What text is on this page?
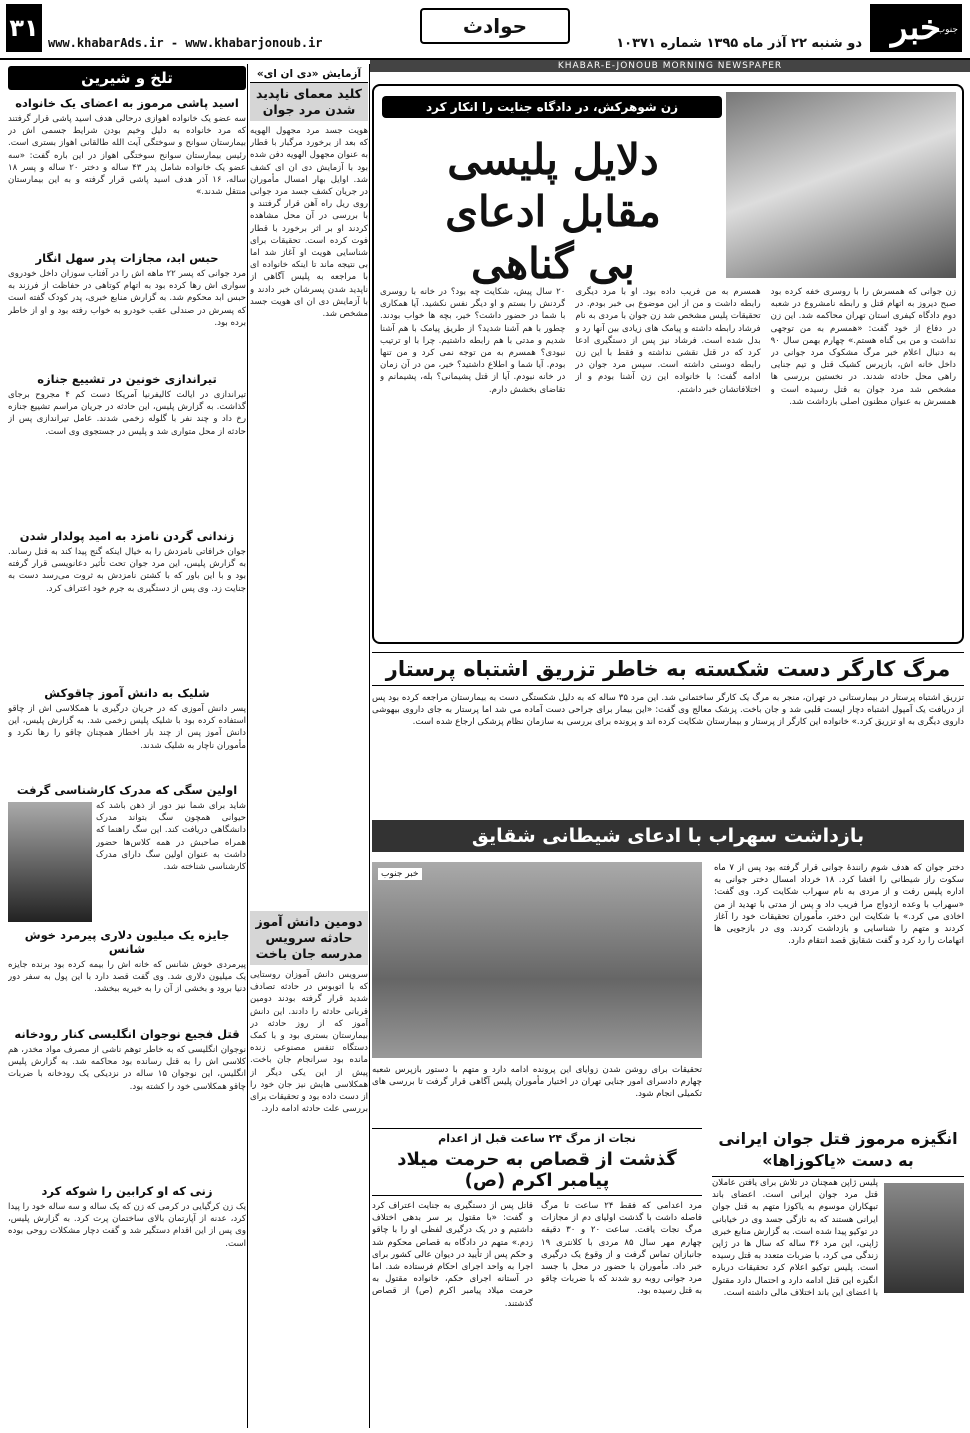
جنوب
خبر
دو شنبه ۲۲ آذر ماه ۱۳۹۵ شماره ۱۰۳۷۱
حوادث
www.khabarAds.ir - www.khabarjonoub.ir
۳۱
KHABAR-E-JONOUB MORNING NEWSPAPER
تلخ و شیرین
اسید پاشی مرموز به اعضای یک خانواده

سه عضو یک خانواده اهوازی درحالی هدف اسید پاشی قرار گرفتند که مرد خانواده به دلیل وخیم بودن شرایط جسمی اش در بیمارستان سوانح و سوختگی آیت الله طالقانی اهواز بستری است. رئیس بیمارستان سوانح سوختگی اهواز در این باره گفت: «سه عضو یک خانواده شامل پدر ۴۳ ساله و دختر ۲۰ ساله و پسر ۱۸ ساله، ۱۶ آذر هدف اسید پاشی قرار گرفته و به این بیمارستان منتقل شدند.»

حبس ابد، مجازات پدر سهل انگار

مرد جوانی که پسر ۲۲ ماهه اش را در آفتاب سوزان داخل خودروی سواری اش رها کرده بود به اتهام کوتاهی در حفاظت از فرزند به حبس ابد محکوم شد. به گزارش منابع خبری، پدر کودک گفته است که پسرش در صندلی عقب خودرو به خواب رفته بود و او از خاطر برده بود.

تیراندازی خونین در تشییع جنازه

تیراندازی در ایالت کالیفرنیا آمریکا دست کم ۴ مجروح برجای گذاشت. به گزارش پلیس، این حادثه در جریان مراسم تشییع جنازه رخ داد و چند نفر با گلوله زخمی شدند. عامل تیراندازی پس از حادثه از محل متواری شد و پلیس در جستجوی وی است.

زندانی گردن نامزد به امید پولدار شدن

جوان خرافاتی نامزدش را به خیال اینکه گنج پیدا کند به قتل رساند. به گزارش پلیس، این مرد جوان تحت تأثیر دعانویسی قرار گرفته بود و با این باور که با کشتن نامزدش به ثروت می‌رسد دست به جنایت زد. وی پس از دستگیری به جرم خود اعتراف کرد.

شلیک به دانش آموز چاقوکش

پسر دانش آموزی که در جریان درگیری با همکلاسی اش از چاقو استفاده کرده بود با شلیک پلیس زخمی شد. به گزارش پلیس، این دانش آموز پس از چند بار اخطار همچنان چاقو را رها نکرد و مأموران ناچار به شلیک شدند.

اولین سگی که مدرک کارشناسی گرفت

شاید برای شما نیز دور از ذهن باشد که حیوانی همچون سگ بتواند مدرک دانشگاهی دریافت کند. این سگ راهنما که همراه صاحبش در همه کلاس‌ها حضور داشت به عنوان اولین سگ دارای مدرک کارشناسی شناخته شد.

جایزه یک میلیون دلاری پیرمرد خوش شانس

پیرمردی خوش شانس که خانه اش را بیمه کرده بود برنده جایزه یک میلیون دلاری شد. وی گفت قصد دارد با این پول به سفر دور دنیا برود و بخشی از آن را به خیریه ببخشد.

قتل فجیع نوجوان انگلیسی کنار رودخانه

نوجوان انگلیسی که به خاطر توهم ناشی از مصرف مواد مخدر، هم کلاسی اش را به قتل رسانده بود محاکمه شد. به گزارش پلیس انگلیس، این نوجوان ۱۵ ساله در نزدیکی یک رودخانه با ضربات چاقو همکلاسی خود را کشته بود.

زنی که او کرابین را شوکه کرد

یک زن کرگیایی در کرمی که زن که یک ساله و سه ساله خود را پیدا کرد، عدنه از آپارتمان بالای ساختمان پرت کرد. به گزارش پلیس، وی پس از این اقدام دستگیر شد و گفت دچار مشکلات روحی بوده است.

آزمایش «دی ان ای»
کلید معمای ناپدید شدن مرد جوان

هویت جسد مرد مجهول الهویه که بعد از برخورد مرگبار با قطار به عنوان مجهول الهویه دفن شده بود با آزمایش دی ان ای کشف شد. اوایل بهار امسال مأموران در جریان کشف جسد مرد جوانی روی ریل راه آهن قرار گرفتند و با بررسی در آن محل مشاهده کردند او بر اثر برخورد با قطار فوت کرده است. تحقیقات برای شناسایی هویت او آغاز شد اما بی نتیجه ماند تا اینکه خانواده ای با مراجعه به پلیس آگاهی از ناپدید شدن پسرشان خبر دادند و با آزمایش دی ان ای هویت جسد مشخص شد.

دومین دانش آموز حادثه سرویس مدرسه جان باخت

سرویس دانش آموزان روستایی که با اتوبوس در حادثه تصادف شدید قرار گرفته بودند دومین قربانی حادثه را دادند. این دانش آموز که از روز حادثه در بیمارستان بستری بود و با کمک دستگاه تنفس مصنوعی زنده مانده بود سرانجام جان باخت. پیش از این یکی دیگر از همکلاسی هایش نیز جان خود را از دست داده بود و تحقیقات برای بررسی علت حادثه ادامه دارد.

زن شوهرکش، در دادگاه جنایت را انکار کرد
دلایل پلیسی
مقابل ادعای
بی گناهی

زن جوانی که همسرش را با روسری خفه کرده بود صبح دیروز به اتهام قتل و رابطه نامشروع در شعبه دوم دادگاه کیفری استان تهران محاکمه شد. این زن در دفاع از خود گفت: «همسرم به من توجهی نداشت و من بی گناه هستم.» چهارم بهمن سال ۹۰ به دنبال اعلام خبر مرگ مشکوک مرد جوانی در داخل خانه اش، بازپرس کشیک قتل و تیم جنایی راهی محل حادثه شدند. در نخستین بررسی ها مشخص شد مرد جوان به قتل رسیده است و همسرش به عنوان مظنون اصلی بازداشت شد.

همسرم به من فریب داده بود. او با مرد دیگری رابطه داشت و من از این موضوع بی خبر بودم. در تحقیقات پلیس مشخص شد زن جوان با مردی به نام فرشاد رابطه داشته و پیامک های زیادی بین آنها رد و بدل شده است. فرشاد نیز پس از دستگیری ادعا کرد که در قتل نقشی نداشته و فقط با این زن رابطه دوستی داشته است. سپس مرد جوان در ادامه گفت: با خانواده این زن آشنا بودم و از اختلافاتشان خبر داشتم.

۲۰ سال پیش، شکایت چه بود؟ در خانه با روسری گردنش را بستم و او دیگر نفس نکشید. آیا همکاری با شما در حضور داشت؟ خیر، بچه ها خواب بودند. چطور با هم آشنا شدید؟ از طریق پیامک با هم آشنا شدیم و مدتی با هم رابطه داشتیم. چرا با او ترتیب نبودی؟ همسرم به من توجه نمی کرد و من تنها بودم. آیا شما و اطلاع داشتید؟ خیر، من در آن زمان در خانه نبودم. آیا از قتل پشیمانی؟ بله، پشیمانم و تقاضای بخشش دارم.

مرگ کارگر دست شکسته به خاطر تزریق اشتباه پرستار

تزریق اشتباه پرستار در بیمارستانی در تهران، منجر به مرگ یک کارگر ساختمانی شد. این مرد ۳۵ ساله که به دلیل شکستگی دست به بیمارستان مراجعه کرده بود پس از دریافت یک آمپول اشتباه دچار ایست قلبی شد و جان باخت. پزشک معالج وی گفت: «این بیمار برای جراحی دست آماده می شد اما پرستار به جای داروی بیهوشی داروی دیگری به او تزریق کرد.» خانواده این کارگر از پرستار و بیمارستان شکایت کرده اند و پرونده برای بررسی به سازمان نظام پزشکی ارجاع شده است.

بازداشت سهراب با ادعای شیطانی شقایق
خبر جنوب

دختر جوان که هدف شوم رانندهٔ جوانی قرار گرفته بود پس از ۷ ماه سکوت راز شیطانی را افشا کرد. ۱۸ خرداد امسال دختر جوانی به اداره پلیس رفت و از مردی به نام سهراب شکایت کرد. وی گفت: «سهراب با وعده ازدواج مرا فریب داد و پس از مدتی با تهدید از من اخاذی می کرد.» با شکایت این دختر، مأموران تحقیقات خود را آغاز کردند و متهم را شناسایی و بازداشت کردند. وی در بازجویی ها اتهامات را رد کرد و گفت شقایق قصد انتقام دارد.

تحقیقات برای روشن شدن زوایای این پرونده ادامه دارد و متهم با دستور بازپرس شعبه چهارم دادسرای امور جنایی تهران در اختیار مأموران پلیس آگاهی قرار گرفت تا بررسی های تکمیلی انجام شود.

نجات از مرگ ۲۴ ساعت قبل از اعدام
گذشت از قصاص به حرمت میلاد پیامبر اکرم (ص)

مرد اعدامی که فقط ۲۴ ساعت تا مرگ فاصله داشت با گذشت اولیای دم از مجازات مرگ نجات یافت. ساعت ۲۰ و ۳۰ دقیقه چهارم مهر سال ۸۵ مردی با کلانتری ۱۹ جانبازان تماس گرفت و از وقوع یک درگیری خبر داد. مأموران با حضور در محل با جسد مرد جوانی روبه رو شدند که با ضربات چاقو به قتل رسیده بود.

قاتل پس از دستگیری به جنایت اعتراف کرد و گفت: «با مقتول بر سر بدهی اختلاف داشتیم و در یک درگیری لفظی او را با چاقو زدم.» متهم در دادگاه به قصاص محکوم شد و حکم پس از تأیید در دیوان عالی کشور برای اجرا به واحد اجرای احکام فرستاده شد. اما در آستانه اجرای حکم، خانواده مقتول به حرمت میلاد پیامبر اکرم (ص) از قصاص گذشتند.

انگیزه مرموز قتل جوان ایرانی به دست «یاکوزاها»

پلیس ژاپن همچنان در تلاش برای یافتن عاملان قتل مرد جوان ایرانی است. اعضای باند تبهکاران موسوم به یاکوزا متهم به قتل جوان ایرانی هستند که به تازگی جسد وی در خیابانی در توکیو پیدا شده است. به گزارش منابع خبری ژاپنی، این مرد ۳۶ ساله که سال ها در ژاپن زندگی می کرد، با ضربات متعدد به قتل رسیده است. پلیس توکیو اعلام کرد تحقیقات درباره انگیزه این قتل ادامه دارد و احتمال دارد مقتول با اعضای این باند اختلاف مالی داشته است.
